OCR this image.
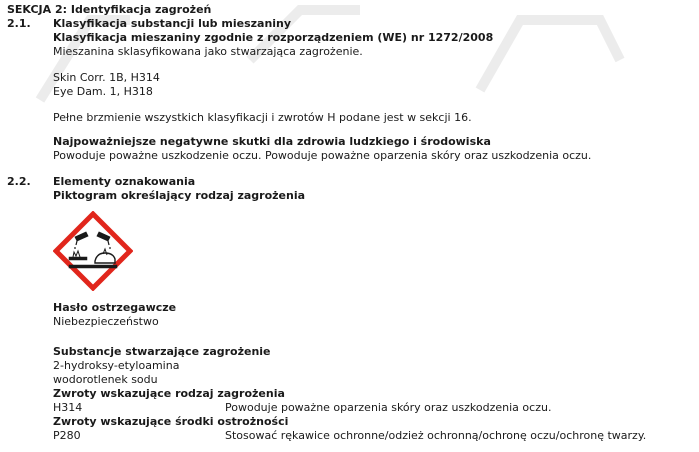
SEKCJA 2: Identyfikacja zagrożeń
2.1.	Klasyfikacja substancji lub mieszaniny
Klasyfikacja mieszaniny zgodnie z rozporządzeniem (WE) nr 1272/2008
Mieszanina sklasyfikowana jako stwarzająca zagrożenie.
Skin Corr. 1B, H314
Eye Dam. 1, H318
Pełne brzmienie wszystkich klasyfikacji i zwrotów H podane jest w sekcji 16.
Najpoważniejsze negatywne skutki dla zdrowia ludzkiego i środowiska
Powoduje poważne uszkodzenie oczu. Powoduje poważne oparzenia skóry oraz uszkodzenia oczu.
2.2.	Elementy oznakowania
Piktogram określający rodzaj zagrożenia
Hasło ostrzegawcze
Niebezpieczeństwo
Substancje stwarzające zagrożenie
2-hydroksy-etyloamina
wodorotlenek sodu
Zwroty wskazujące rodzaj zagrożenia
H314	Powoduje poważne oparzenia skóry oraz uszkodzenia oczu.
Zwroty wskazujące środki ostrożności
P280	Stosować rękawice ochronne/odzież ochronną/ochronę oczu/ochronę twarzy.
